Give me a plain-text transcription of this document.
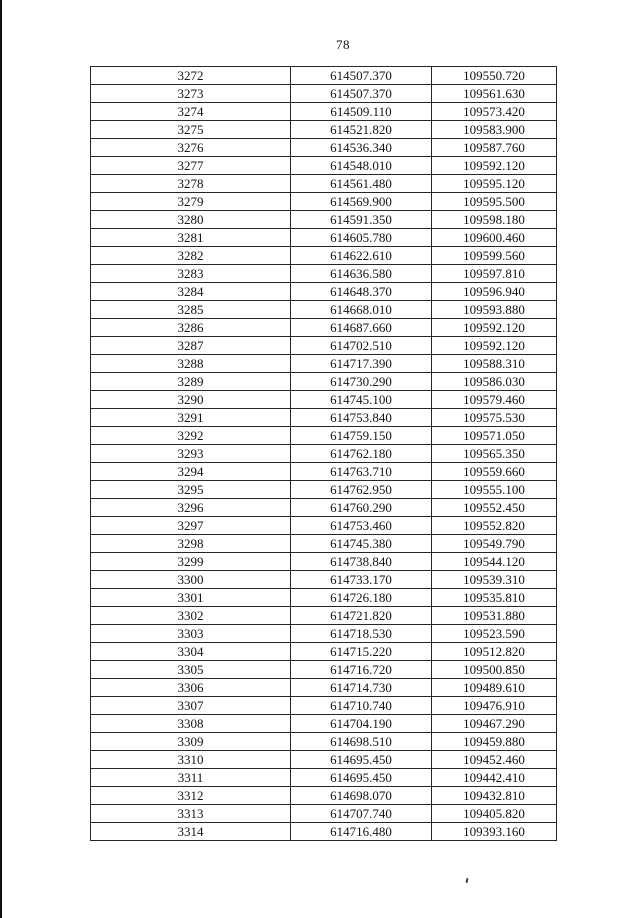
78
3272	614507.370	109550.720
3273	614507.370	109561.630
3274	614509.110	109573.420
3275	614521.820	109583.900
3276	614536.340	109587.760
3277	614548.010	109592.120
3278	614561.480	109595.120
3279	614569.900	109595.500
3280	614591.350	109598.180
3281	614605.780	109600.460
3282	614622.610	109599.560
3283	614636.580	109597.810
3284	614648.370	109596.940
3285	614668.010	109593.880
3286	614687.660	109592.120
3287	614702.510	109592.120
3288	614717.390	109588.310
3289	614730.290	109586.030
3290	614745.100	109579.460
3291	614753.840	109575.530
3292	614759.150	109571.050
3293	614762.180	109565.350
3294	614763.710	109559.660
3295	614762.950	109555.100
3296	614760.290	109552.450
3297	614753.460	109552.820
3298	614745.380	109549.790
3299	614738.840	109544.120
3300	614733.170	109539.310
3301	614726.180	109535.810
3302	614721.820	109531.880
3303	614718.530	109523.590
3304	614715.220	109512.820
3305	614716.720	109500.850
3306	614714.730	109489.610
3307	614710.740	109476.910
3308	614704.190	109467.290
3309	614698.510	109459.880
3310	614695.450	109452.460
3311	614695.450	109442.410
3312	614698.070	109432.810
3313	614707.740	109405.820
3314	614716.480	109393.160
